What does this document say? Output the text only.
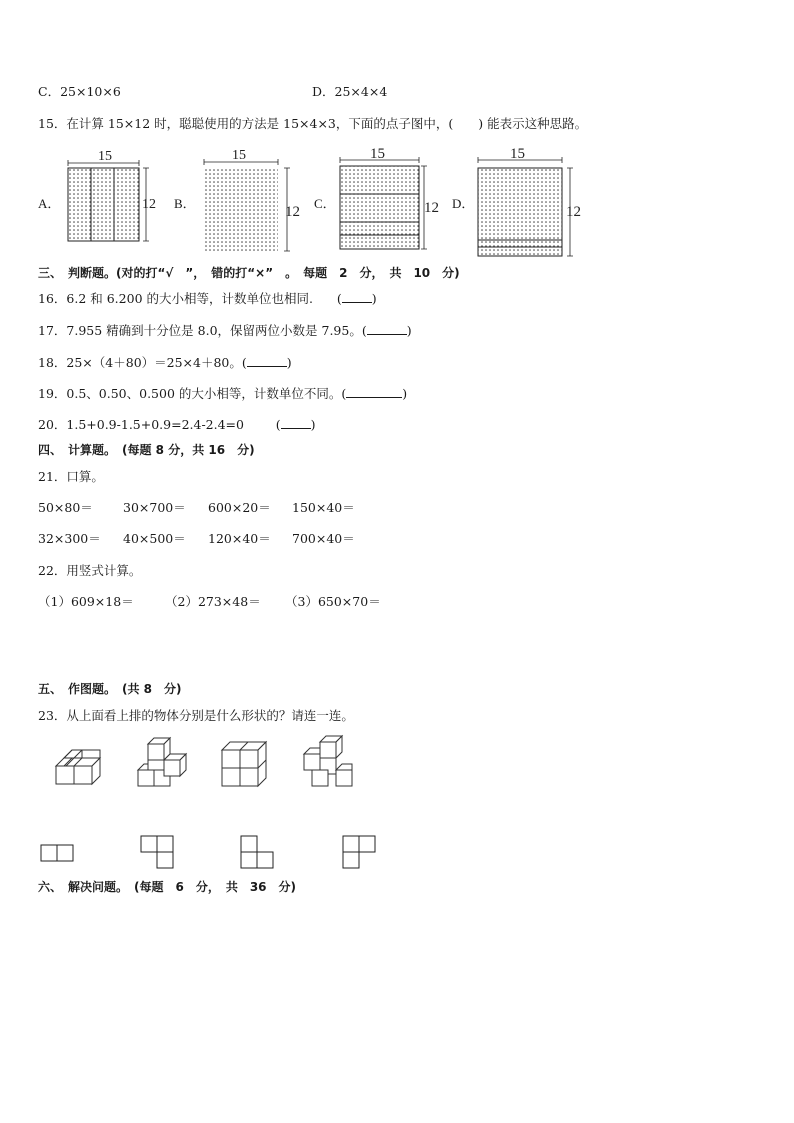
C．25×10×6	D．25×4×4
15．在计算 15×12 时，聪聪使用的方法是 15×4×3，下面的点子图中，(　　) 能表示这种思路。
A．	B．	C．	D．
15
12
15
12
15
12
15
12
三、　判断题。(对的打“√　”，　错的打“×”　。　每题　2　分，　共　10　分)
16．6.2 和 6.200 的大小相等，计数单位也相同. ( )
17．7.955 精确到十分位是 8.0，保留两位小数是 7.95。(	)
18．25×（4＋80）＝25×4＋80。(	)
19．0.5、0.50、0.500 的大小相等，计数单位不同。(	)
20．1.5+0.9-1.5+0.9=2.4-2.4=0	( )
四、　计算题。　(每题 8 分，共 16　分)
21．口算。
50×80＝ 30×700＝ 600×20＝ 150×40＝
32×300＝ 40×500＝ 120×40＝ 700×40＝
22．用竖式计算。
（1）609×18＝	（2）273×48＝ （3）650×70＝
五、　作图题。　(共 8　分)
23．从上面看上排的物体分别是什么形状的？请连一连。
六、　解决问题。　(每题　6　分，　共　36　分)
